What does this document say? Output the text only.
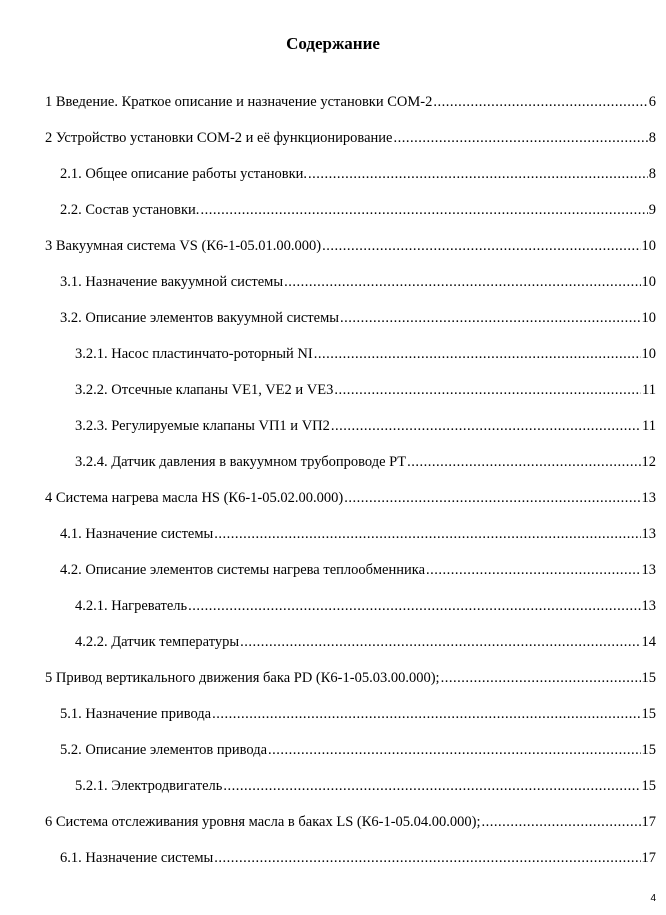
Содержание
1 Введение. Краткое описание и назначение установки СОМ-2 .....	6
2 Устройство установки СОМ-2 и её функционирование .....	8
2.1. Общее описание работы установки. .....	8
2.2. Состав установки. .....	9
3 Вакуумная система VS (К6-1-05.01.00.000) .....	10
3.1. Назначение вакуумной системы .....	10
3.2. Описание элементов вакуумной системы .....	10
3.2.1. Насос пластинчато-роторный NI .....	10
3.2.2. Отсечные клапаны VE1, VE2 и VE3 .....	11
3.2.3. Регулируемые клапаны VП1 и VП2 .....	11
3.2.4. Датчик давления в вакуумном трубопроводе PT .....	12
4 Система нагрева масла HS (К6-1-05.02.00.000) .....	13
4.1. Назначение системы .....	13
4.2. Описание элементов системы нагрева теплообменника .....	13
4.2.1. Нагреватель .....	13
4.2.2. Датчик температуры .....	14
5 Привод вертикального движения бака PD (К6-1-05.03.00.000); .....	15
5.1. Назначение привода .....	15
5.2. Описание элементов привода .....	15
5.2.1. Электродвигатель .....	15
6 Система отслеживания уровня масла в баках LS (К6-1-05.04.00.000); .....	17
6.1. Назначение системы .....	17
4
